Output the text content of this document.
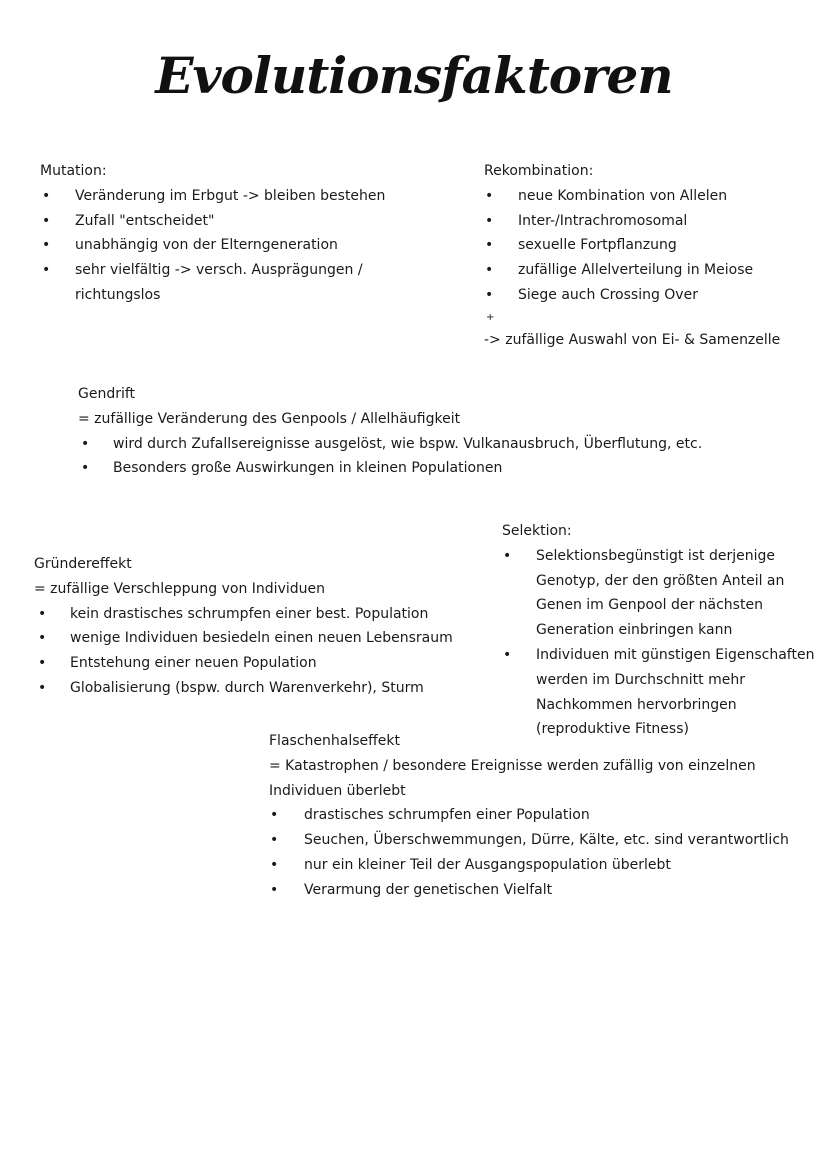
Evolutionsfaktoren
Mutation:
• Veränderung im Erbgut -> bleiben bestehen
• Zufall "entscheidet"
• unabhängig von der Elterngeneration
• sehr vielfältig -> versch. Ausprägungen / richtungslos
Rekombination:
• neue Kombination von Allelen
• Inter-/Intrachromosomal
• sexuelle Fortpflanzung
• zufällige Allelverteilung in Meiose
• Siege auch Crossing Over
+

-> zufällige Auswahl von Ei- & Samenzelle

Gendrift

= zufällige Veränderung des Genpools / Allelhäufigkeit

• wird durch Zufallsereignisse ausgelöst, wie bspw. Vulkanausbruch, Überflutung, etc.
• Besonders große Auswirkungen in kleinen Populationen
Selektion:
• Selektionsbegünstigt ist derjenige Genotyp, der den größten Anteil an Genen im Genpool der nächsten Generation einbringen kann
• Individuen mit günstigen Eigenschaften werden im Durchschnitt mehr Nachkommen hervorbringen (reproduktive Fitness)
Gründereffekt

= zufällige Verschleppung von Individuen

• kein drastisches schrumpfen einer best. Population
• wenige Individuen besiedeln einen neuen Lebensraum
• Entstehung einer neuen Population
• Globalisierung (bspw. durch Warenverkehr), Sturm
Flaschenhalseffekt

= Katastrophen / besondere Ereignisse werden zufällig von einzelnen Individuen überlebt

• drastisches schrumpfen einer Population
• Seuchen, Überschwemmungen, Dürre, Kälte, etc. sind verantwortlich
• nur ein kleiner Teil der Ausgangspopulation überlebt
• Verarmung der genetischen Vielfalt
